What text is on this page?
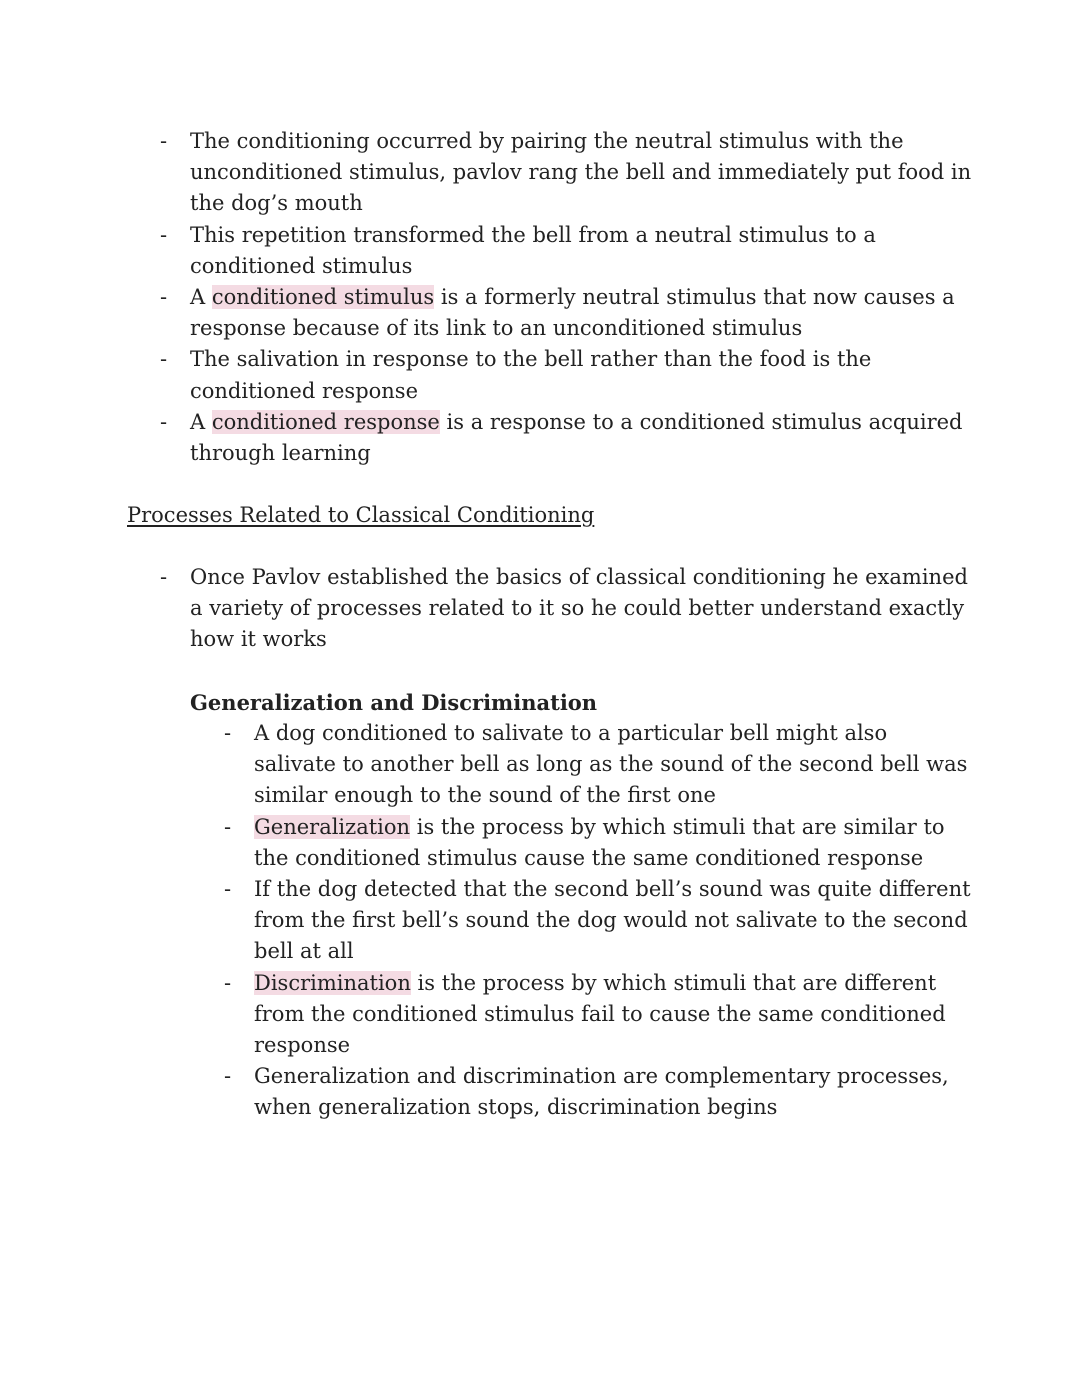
- The conditioning occurred by pairing the neutral stimulus with the unconditioned stimulus, pavlov rang the bell and immediately put food in the dog’s mouth
- This repetition transformed the bell from a neutral stimulus to a conditioned stimulus
- A conditioned stimulus is a formerly neutral stimulus that now causes a response because of its link to an unconditioned stimulus
- The salivation in response to the bell rather than the food is the conditioned response
- A conditioned response is a response to a conditioned stimulus acquired through learning
Processes Related to Classical Conditioning
- Once Pavlov established the basics of classical conditioning he examined a variety of processes related to it so he could better understand exactly how it works
Generalization and Discrimination
- A dog conditioned to salivate to a particular bell might also salivate to another bell as long as the sound of the second bell was similar enough to the sound of the first one
- Generalization is the process by which stimuli that are similar to the conditioned stimulus cause the same conditioned response
- If the dog detected that the second bell’s sound was quite different from the first bell’s sound the dog would not salivate to the second bell at all
- Discrimination is the process by which stimuli that are different from the conditioned stimulus fail to cause the same conditioned response
- Generalization and discrimination are complementary processes, when generalization stops, discrimination begins
